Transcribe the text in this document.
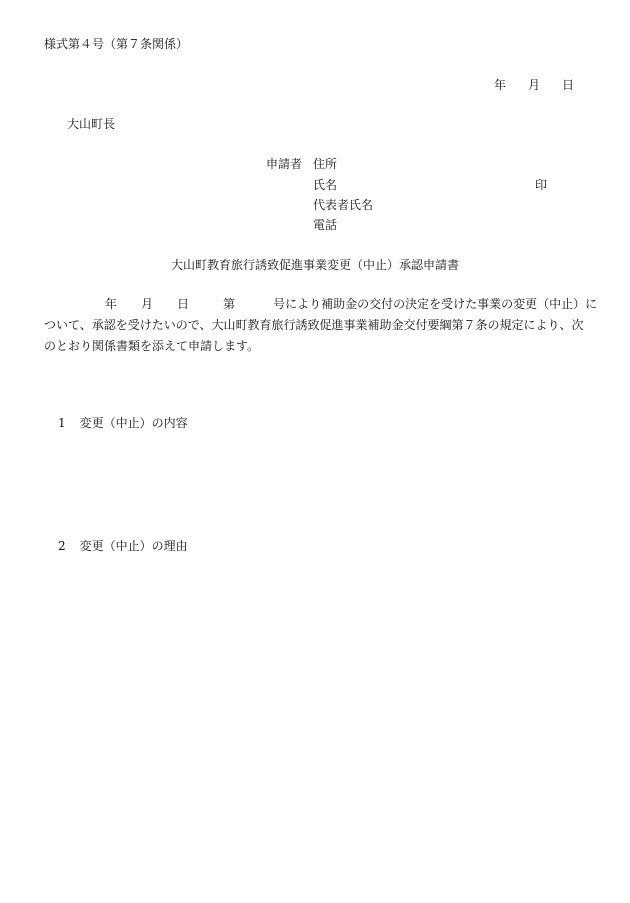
様式第４号（第７条関係）
年 月 日
大山町長
申請者 住所
氏名	印
代表者氏名
電話
大山町教育旅行誘致促進事業変更（中止）承認申請書
年 月 日	第	号により補助金の交付の決定を受けた事業の変更（中止）に
ついて、承認を受けたいので、大山町教育旅行誘致促進事業補助金交付要綱第７条の規定により、次
のとおり関係書類を添えて申請します。
1 変更（中止）の内容
2 変更（中止）の理由
